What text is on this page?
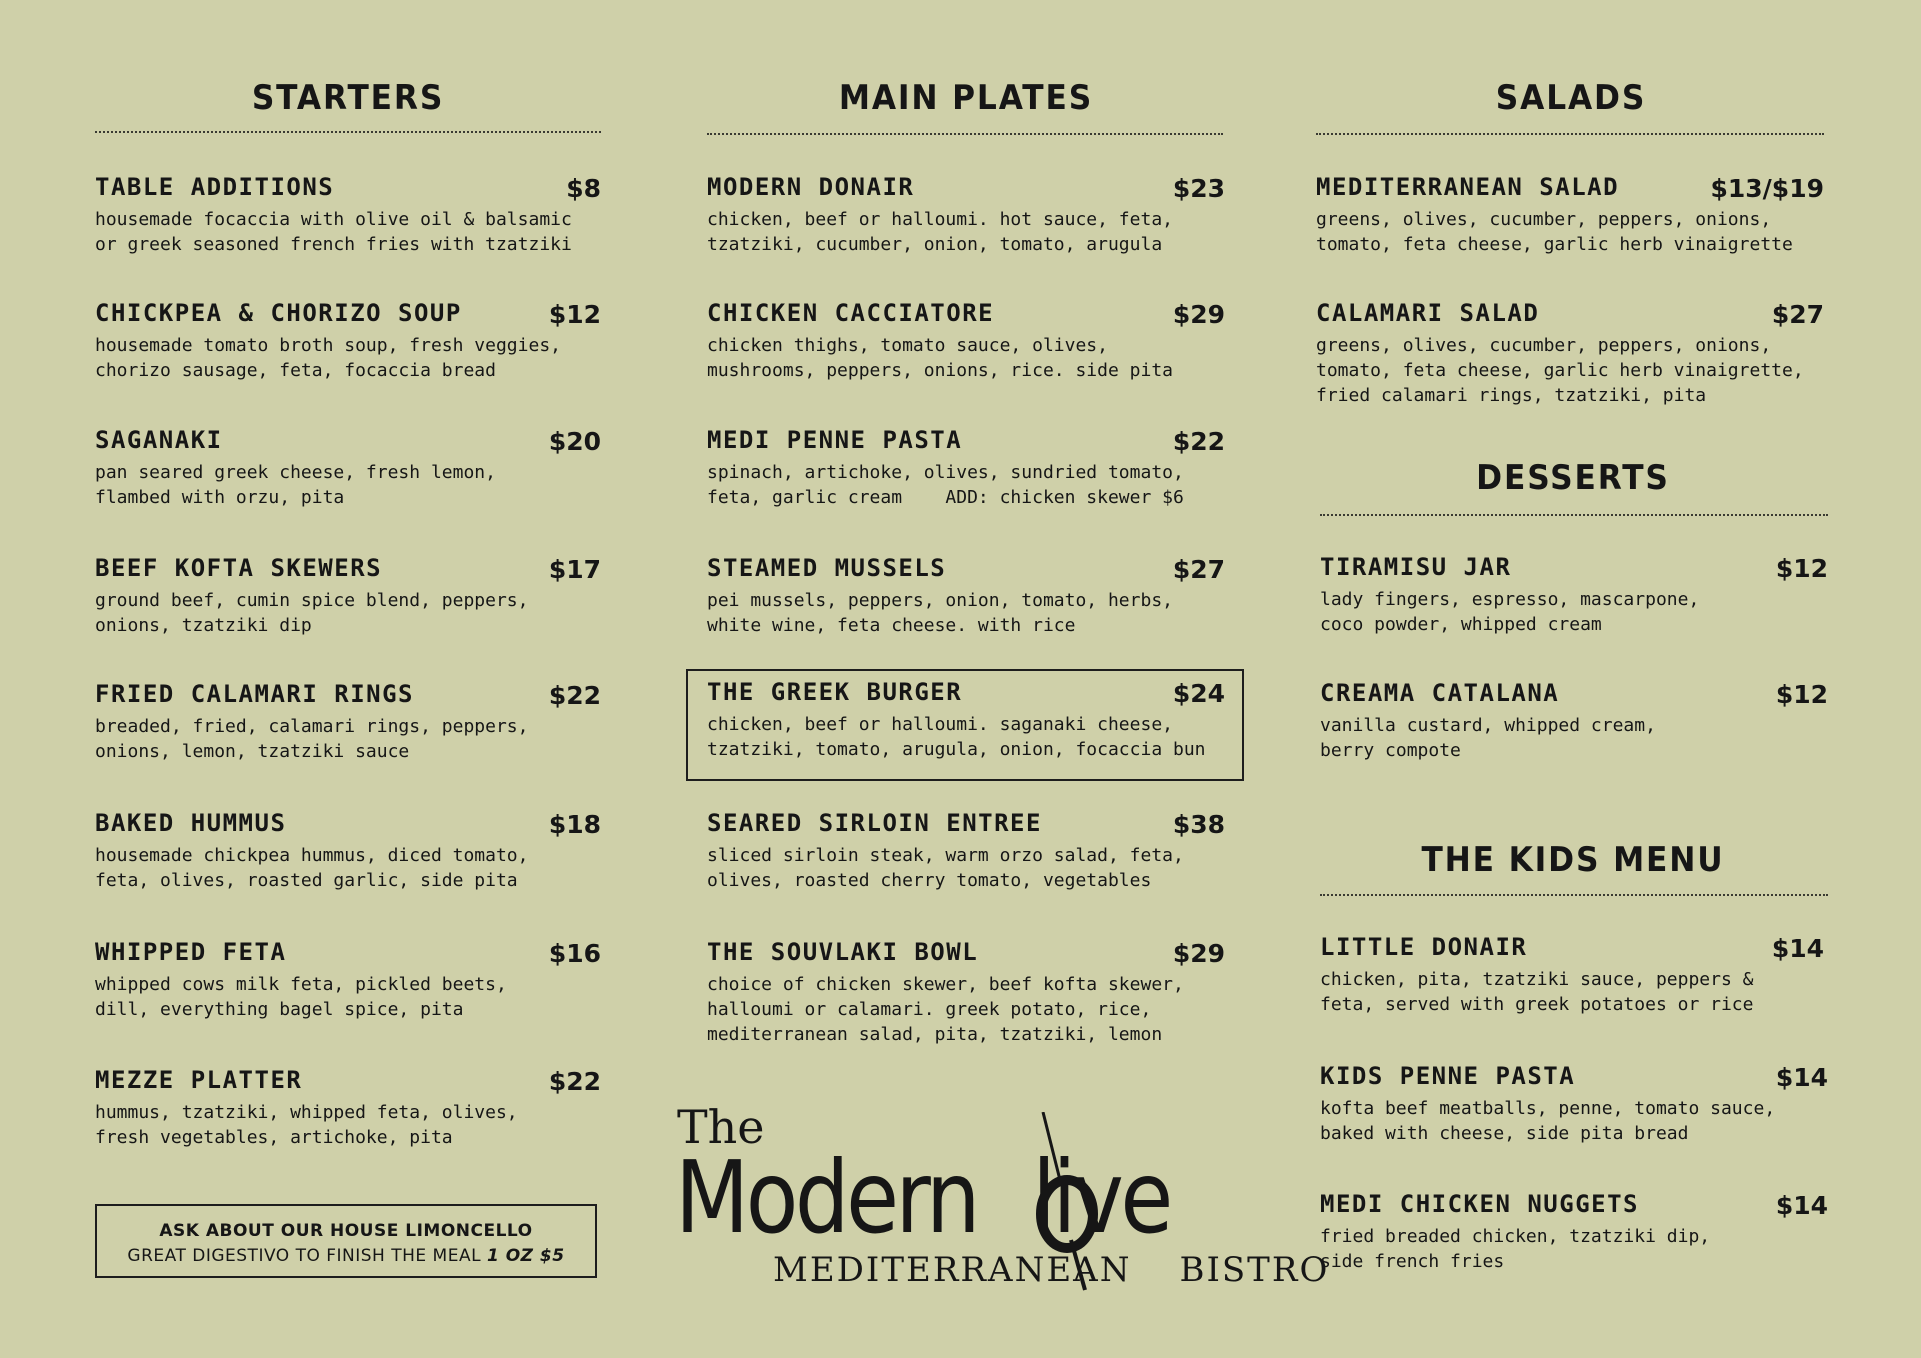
STARTERS
TABLE ADDITIONS	$8
housemade focaccia with olive oil & balsamic
or greek seasoned french fries with tzatziki
CHICKPEA & CHORIZO SOUP	$12
housemade tomato broth soup, fresh veggies,
chorizo sausage, feta, focaccia bread
SAGANAKI	$20
pan seared greek cheese, fresh lemon,
flambed with orzu, pita
BEEF KOFTA SKEWERS	$17
ground beef, cumin spice blend, peppers,
onions, tzatziki dip
FRIED CALAMARI RINGS	$22
breaded, fried, calamari rings, peppers,
onions, lemon, tzatziki sauce
BAKED HUMMUS	$18
housemade chickpea hummus, diced tomato,
feta, olives, roasted garlic, side pita
WHIPPED FETA	$16
whipped cows milk feta, pickled beets,
dill, everything bagel spice, pita
MEZZE PLATTER	$22
hummus, tzatziki, whipped feta, olives,
fresh vegetables, artichoke, pita
ASK ABOUT OUR HOUSE LIMONCELLO
GREAT DIGESTIVO TO FINISH THE MEAL 1 OZ $5
MAIN PLATES
MODERN DONAIR	$23
chicken, beef or halloumi. hot sauce, feta,
tzatziki, cucumber, onion, tomato, arugula
CHICKEN CACCIATORE	$29
chicken thighs, tomato sauce, olives,
mushrooms, peppers, onions, rice. side pita
MEDI PENNE PASTA	$22
spinach, artichoke, olives, sundried tomato,
feta, garlic cream    ADD: chicken skewer $6
STEAMED MUSSELS	$27
pei mussels, peppers, onion, tomato, herbs,
white wine, feta cheese. with rice
THE GREEK BURGER	$24
chicken, beef or halloumi. saganaki cheese,
tzatziki, tomato, arugula, onion, focaccia bun
SEARED SIRLOIN ENTREE	$38
sliced sirloin steak, warm orzo salad, feta,
olives, roasted cherry tomato, vegetables
THE SOUVLAKI BOWL	$29
choice of chicken skewer, beef kofta skewer,
halloumi or calamari. greek potato, rice,
mediterranean salad, pita, tzatziki, lemon
SALADS
MEDITERRANEAN SALAD	$13/$19
greens, olives, cucumber, peppers, onions,
tomato, feta cheese, garlic herb vinaigrette
CALAMARI SALAD	$27
greens, olives, cucumber, peppers, onions,
tomato, feta cheese, garlic herb vinaigrette,
fried calamari rings, tzatziki, pita
DESSERTS
TIRAMISU JAR	$12
lady fingers, espresso, mascarpone,
coco powder, whipped cream
CREAMA CATALANA	$12
vanilla custard, whipped cream,
berry compote
THE KIDS MENU
LITTLE DONAIR	$14
chicken, pita, tzatziki sauce, peppers &
feta, served with greek potatoes or rice
KIDS PENNE PASTA	$14
kofta beef meatballs, penne, tomato sauce,
baked with cheese, side pita bread
MEDI CHICKEN NUGGETS	$14
fried breaded chicken, tzatziki dip,
side french fries
The
Modern live
MEDITERRANEAN BISTRO
